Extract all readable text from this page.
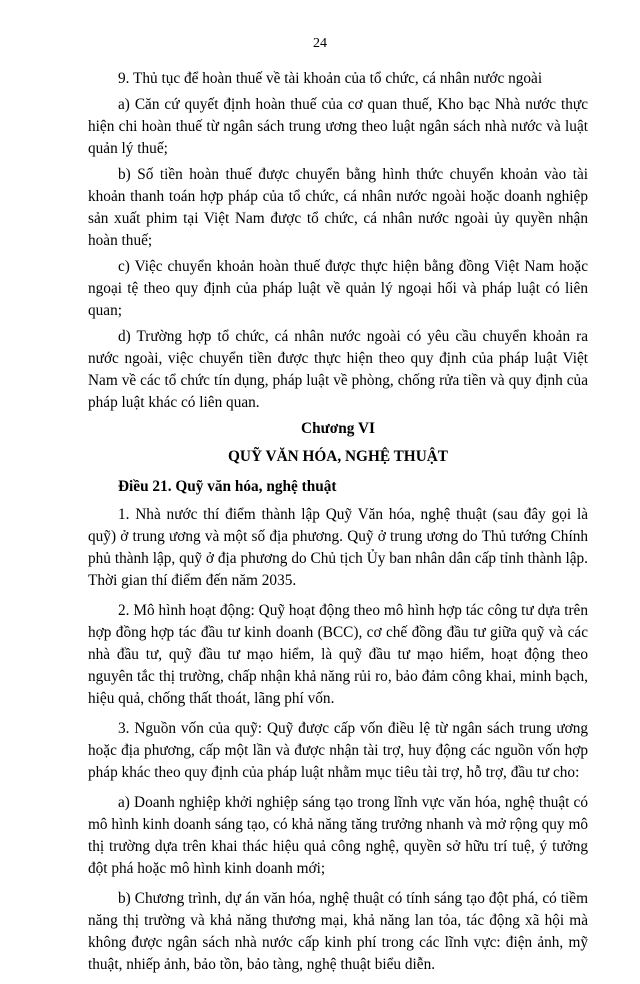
24

9. Thủ tục để hoàn thuế về tài khoản của tổ chức, cá nhân nước ngoài

a) Căn cứ quyết định hoàn thuế của cơ quan thuế, Kho bạc Nhà nước thực hiện chi hoàn thuế từ ngân sách trung ương theo luật ngân sách nhà nước và luật quản lý thuế;

b) Số tiền hoàn thuế được chuyển bằng hình thức chuyển khoản vào tài khoản thanh toán hợp pháp của tổ chức, cá nhân nước ngoài hoặc doanh nghiệp sản xuất phim tại Việt Nam được tổ chức, cá nhân nước ngoài ủy quyền nhận hoàn thuế;

c) Việc chuyển khoản hoàn thuế được thực hiện bằng đồng Việt Nam hoặc ngoại tệ theo quy định của pháp luật về quản lý ngoại hối và pháp luật có liên quan;

d) Trường hợp tổ chức, cá nhân nước ngoài có yêu cầu chuyển khoản ra nước ngoài, việc chuyển tiền được thực hiện theo quy định của pháp luật Việt Nam về các tổ chức tín dụng, pháp luật về phòng, chống rửa tiền và quy định của pháp luật khác có liên quan.

Chương VI

QUỸ VĂN HÓA, NGHỆ THUẬT

Điều 21. Quỹ văn hóa, nghệ thuật

1. Nhà nước thí điểm thành lập Quỹ Văn hóa, nghệ thuật (sau đây gọi là quỹ) ở trung ương và một số địa phương. Quỹ ở trung ương do Thủ tướng Chính phủ thành lập, quỹ ở địa phương do Chủ tịch Ủy ban nhân dân cấp tỉnh thành lập. Thời gian thí điểm đến năm 2035.

2. Mô hình hoạt động: Quỹ hoạt động theo mô hình hợp tác công tư dựa trên hợp đồng hợp tác đầu tư kinh doanh (BCC), cơ chế đồng đầu tư giữa quỹ và các nhà đầu tư, quỹ đầu tư mạo hiểm, là quỹ đầu tư mạo hiểm, hoạt động theo nguyên tắc thị trường, chấp nhận khả năng rủi ro, bảo đảm công khai, minh bạch, hiệu quả, chống thất thoát, lãng phí vốn.

3. Nguồn vốn của quỹ: Quỹ được cấp vốn điều lệ từ ngân sách trung ương hoặc địa phương, cấp một lần và được nhận tài trợ, huy động các nguồn vốn hợp pháp khác theo quy định của pháp luật nhằm mục tiêu tài trợ, hỗ trợ, đầu tư cho:

a) Doanh nghiệp khởi nghiệp sáng tạo trong lĩnh vực văn hóa, nghệ thuật có mô hình kinh doanh sáng tạo, có khả năng tăng trưởng nhanh và mở rộng quy mô thị trường dựa trên khai thác hiệu quả công nghệ, quyền sở hữu trí tuệ, ý tưởng đột phá hoặc mô hình kinh doanh mới;

b) Chương trình, dự án văn hóa, nghệ thuật có tính sáng tạo đột phá, có tiềm năng thị trường và khả năng thương mại, khả năng lan tỏa, tác động xã hội mà không được ngân sách nhà nước cấp kinh phí trong các lĩnh vực: điện ảnh, mỹ thuật, nhiếp ảnh, bảo tồn, bảo tàng, nghệ thuật biểu diễn.
